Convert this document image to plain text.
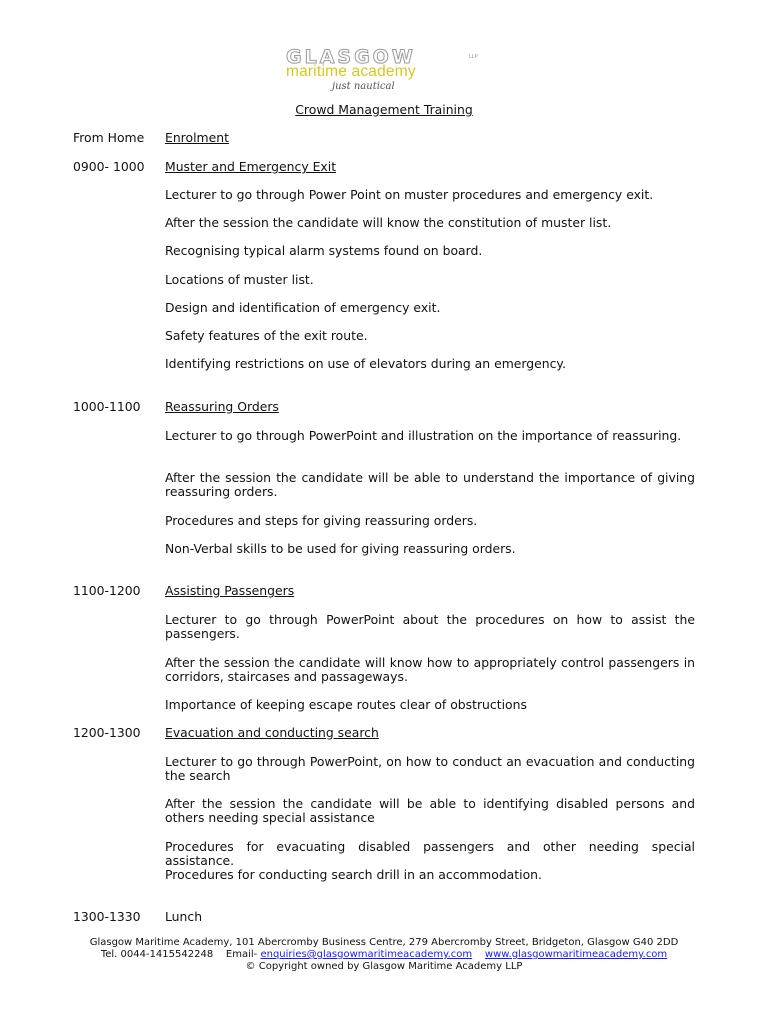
GLASGOW	LLP
maritime academy
just nautical
Crowd Management Training
From Home	Enrolment
0900- 1000	Muster and Emergency Exit
Lecturer to go through Power Point on muster procedures and emergency exit.
After the session the candidate will know the constitution of muster list.
Recognising typical alarm systems found on board.
Locations of muster list.
Design and identification of emergency exit.
Safety features of the exit route.
Identifying restrictions on use of elevators during an emergency.
1000-1100	Reassuring Orders
Lecturer to go through PowerPoint and illustration on the importance of reassuring.
After the session the candidate will be able to understand the importance of giving reassuring orders.
Procedures and steps for giving reassuring orders.
Non-Verbal skills to be used for giving reassuring orders.
1100-1200	Assisting Passengers
Lecturer to go through PowerPoint about the procedures on how to assist the passengers.
After the session the candidate will know how to appropriately control passengers in corridors, staircases and passageways.
Importance of keeping escape routes clear of obstructions
1200-1300	Evacuation and conducting search
Lecturer to go through PowerPoint, on how to conduct an evacuation and conducting the search
After the session the candidate will be able to identifying disabled persons and others needing special assistance
Procedures for evacuating disabled passengers and other needing special assistance.
Procedures for conducting search drill in an accommodation.
1300-1330	Lunch
Glasgow Maritime Academy, 101 Abercromby Business Centre, 279 Abercromby Street, Bridgeton, Glasgow G40 2DD
Tel. 0044-1415542248 Email- enquiries@glasgowmaritimeacademy.com www.glasgowmaritimeacademy.com
© Copyright owned by Glasgow Maritime Academy LLP
